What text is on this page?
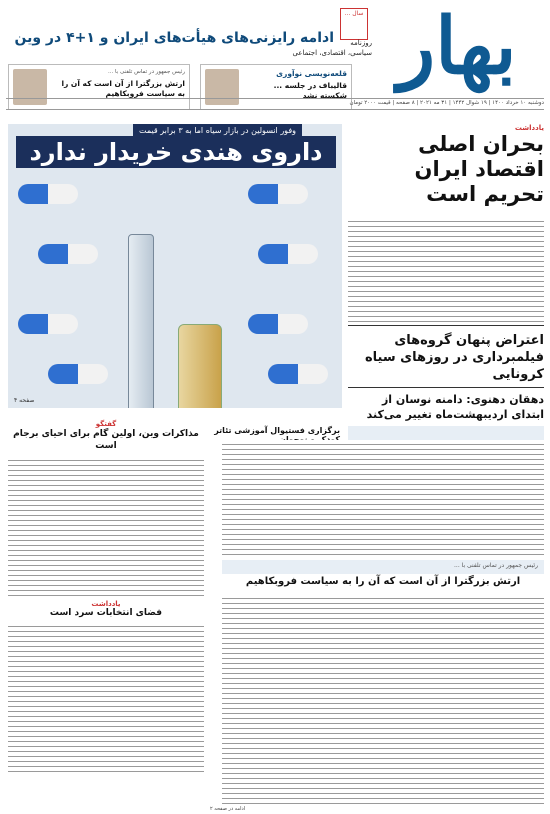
بهار
سال ...
روزنامه
سیاسی، اقتصادی، اجتماعی
ادامه رایزنی‌های هیأت‌های ایران و ۱+۴ در وین
قلعه‌نویسی نوآوری
قالیباف در جلسه ... شکسته نشد
رئیس جمهور در تماس تلفنی با ...
ارتش بزرگترا از آن است که آن را به سیاست فروبکاهیم
دوشنبه ۱۰ خرداد ۱۴۰۰ | ۱۹ شوال ۱۴۴۲ | ۳۱ مه ۲۰۲۱ | ۸ صفحه | قیمت ۲۰۰۰ تومان
وفور انسولین در بازار سیاه اما به ۳ برابر قیمت
داروی هندی خریدار ندارد
صفحه ۴
یادداشت
بحران اصلی اقتصاد ایران تحریم است
اعتراض پنهان گروه‌های فیلمبرداری در روزهای سیاه کرونایی
دهقان دهنوی: دامنه نوسان از ابتدای اردیبهشت‌ماه تغییر می‌کند
برگزاری فستیوال آموزشی تئاتر
گفتگو
مذاکرات وین، اولین گام برای احیای برجام است
یادداشت
فضای انتخابات سرد است
رئیس جمهور در تماس تلفنی با ...
ارتش بزرگترا از آن است که آن را به سیاست فروبکاهیم
ادامه در صفحه ۲
